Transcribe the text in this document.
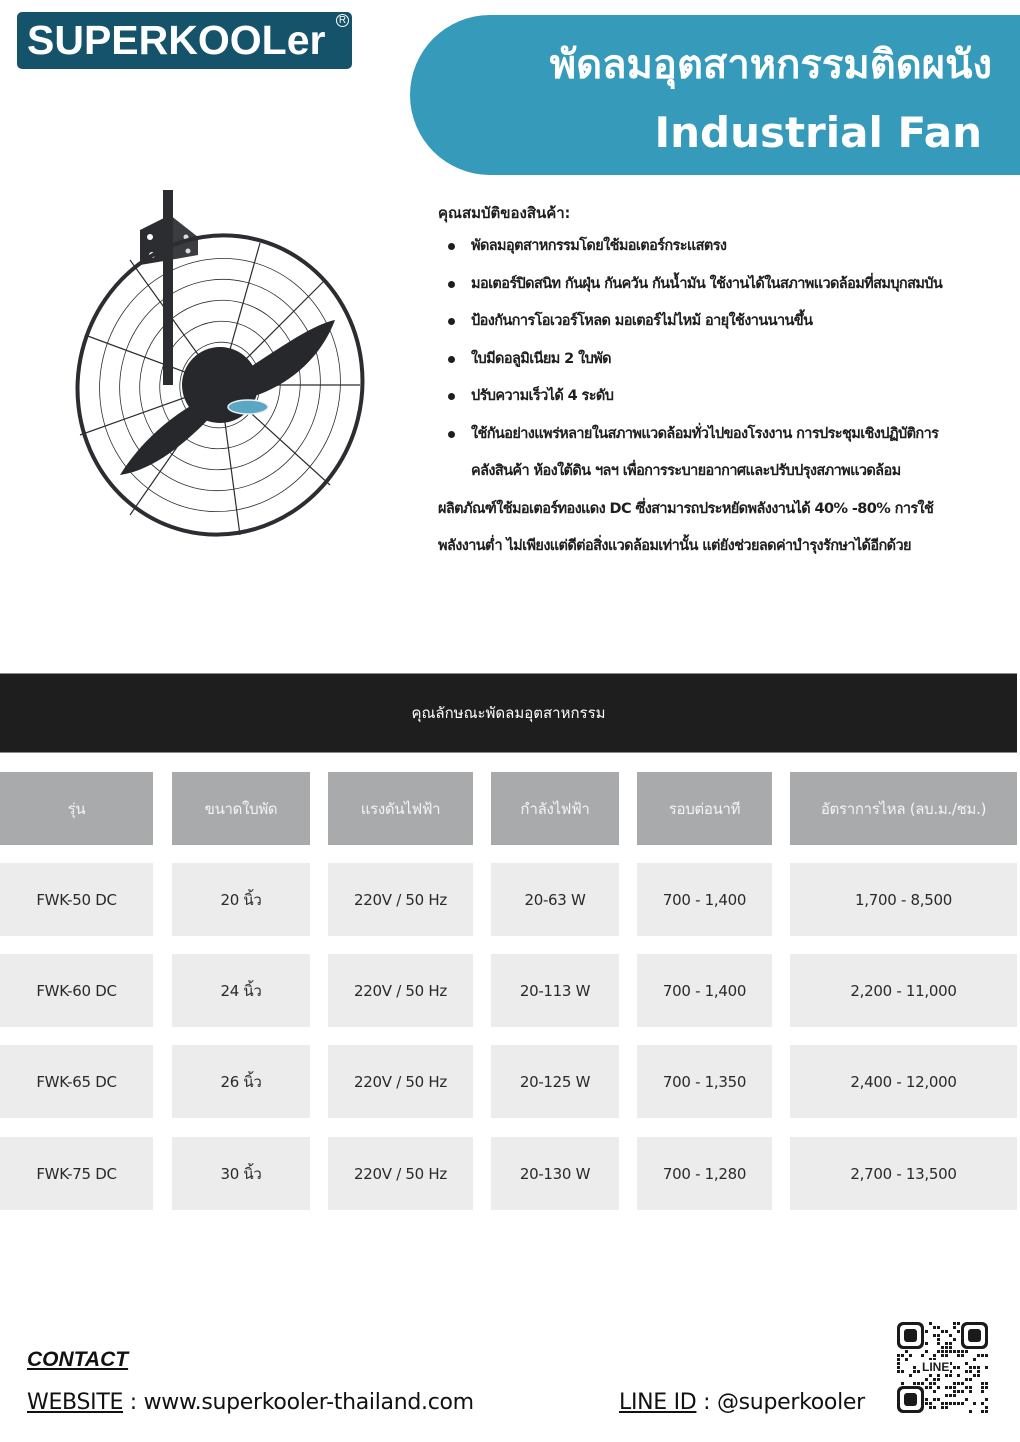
SUPERKOOLer R
พัดลมอุตสาหกรรมติดผนัง
Industrial Fan
คุณสมบัติของสินค้า:
พัดลมอุตสาหกรรมโดยใช้มอเตอร์กระแสตรง
มอเตอร์ปิดสนิท กันฝุ่น กันควัน กันน้ำมัน ใช้งานได้ในสภาพแวดล้อมที่สมบุกสมบัน
ป้องกันการโอเวอร์โหลด มอเตอร์ไม่ไหม้ อายุใช้งานนานขึ้น
ใบมีดอลูมิเนียม 2 ใบพัด
ปรับความเร็วได้ 4 ระดับ
ใช้กันอย่างแพร่หลายในสภาพแวดล้อมทั่วไปของโรงงาน การประชุมเชิงปฏิบัติการ
คลังสินค้า ห้องใต้ดิน ฯลฯ เพื่อการระบายอากาศและปรับปรุงสภาพแวดล้อม
ผลิตภัณฑ์ใช้มอเตอร์ทองแดง DC ซึ่งสามารถประหยัดพลังงานได้ 40% -80% การใช้
พลังงานต่ำ ไม่เพียงแต่ดีต่อสิ่งแวดล้อมเท่านั้น แต่ยังช่วยลดค่าบำรุงรักษาได้อีกด้วย
คุณลักษณะพัดลมอุตสาหกรรม
รุ่น	ขนาดใบพัด	แรงดันไฟฟ้า	กำลังไฟฟ้า	รอบต่อนาที	อัตราการไหล (ลบ.ม./ชม.)
FWK-50 DC	20 นิ้ว	220V / 50 Hz	20-63 W	700 - 1,400	1,700 - 8,500
FWK-60 DC	24 นิ้ว	220V / 50 Hz	20-113 W	700 - 1,400	2,200 - 11,000
FWK-65 DC	26 นิ้ว	220V / 50 Hz	20-125 W	700 - 1,350	2,400 - 12,000
FWK-75 DC	30 นิ้ว	220V / 50 Hz	20-130 W	700 - 1,280	2,700 - 13,500
CONTACT
WEBSITE : www.superkooler-thailand.com	LINE ID : @superkooler
LINE
